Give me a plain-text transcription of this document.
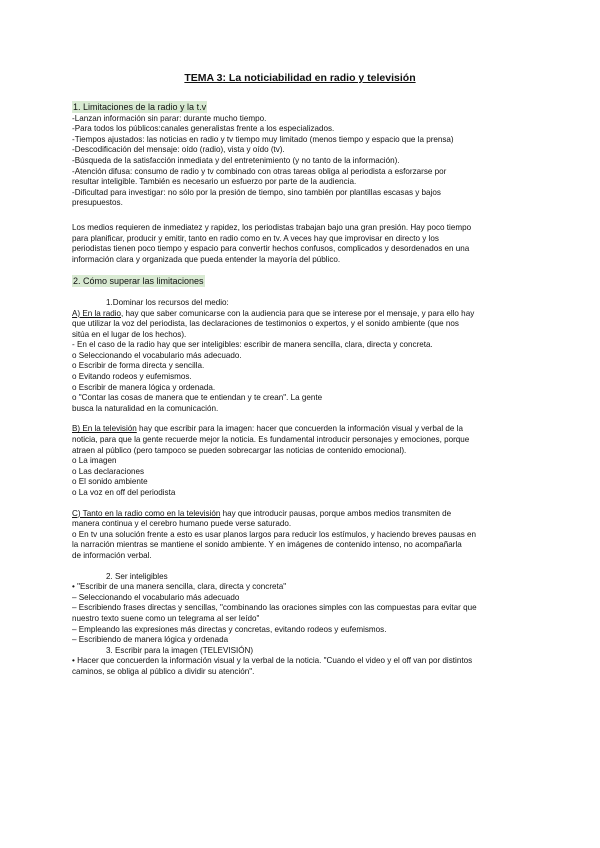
TEMA 3: La noticiabilidad en radio y televisión
1. Limitaciones de la radio y la t.v
-Lanzan información sin parar: durante mucho tiempo.
-Para todos los públicos:canales generalistas frente a los especializados.
-Tiempos ajustados: las noticias en radio y tv tiempo muy limitado (menos tiempo y espacio que la prensa)
-Descodificación del mensaje: oído (radio), vista y oído (tv).
-Búsqueda de la satisfacción inmediata y del entretenimiento (y no tanto de la información).
-Atención difusa: consumo de radio y tv combinado con otras tareas obliga al periodista a esforzarse por
resultar inteligible. También es necesario un esfuerzo por parte de la audiencia.
-Dificultad para investigar: no sólo por la presión de tiempo, sino también por plantillas escasas y bajos
presupuestos.
Los medios requieren de inmediatez y rapidez, los periodistas trabajan bajo una gran presión. Hay poco tiempo
para planificar, producir y emitir, tanto en radio como en tv. A veces hay que improvisar en directo y los
periodistas tienen poco tiempo y espacio para convertir hechos confusos, complicados y desordenados en una
información clara y organizada que pueda entender la mayoría del público.
2. Cómo superar las limitaciones
1.Dominar los recursos del medio:
A) En la radio, hay que saber comunicarse con la audiencia para que se interese por el mensaje, y para ello hay
que utilizar la voz del periodista, las declaraciones de testimonios o expertos, y el sonido ambiente (que nos
sitúa en el lugar de los hechos).
- En el caso de la radio hay que ser inteligibles: escribir de manera sencilla, clara, directa y concreta.
o Seleccionando el vocabulario más adecuado.
o Escribir de forma directa y sencilla.
o Evitando rodeos y eufemismos.
o Escribir de manera lógica y ordenada.
o "Contar las cosas de manera que te entiendan y te crean". La gente
busca la naturalidad en la comunicación.
B) En la televisión hay que escribir para la imagen: hacer que concuerden la información visual y verbal de la
noticia, para que la gente recuerde mejor la noticia. Es fundamental introducir personajes y emociones, porque
atraen al público (pero tampoco se pueden sobrecargar las noticias de contenido emocional).
o La imagen
o Las declaraciones
o El sonido ambiente
o La voz en off del periodista
C) Tanto en la radio como en la televisión hay que introducir pausas, porque ambos medios transmiten de
manera continua y el cerebro humano puede verse saturado.
o En tv una solución frente a esto es usar planos largos para reducir los estímulos, y haciendo breves pausas en
la narración mientras se mantiene el sonido ambiente. Y en imágenes de contenido intenso, no acompañarla
de información verbal.
2. Ser inteligibles
• "Escribir de una manera sencilla, clara, directa y concreta"
– Seleccionando el vocabulario más adecuado
– Escribiendo frases directas y sencillas, "combinando las oraciones simples con las compuestas para evitar que
nuestro texto suene como un telegrama al ser leído"
– Empleando las expresiones más directas y concretas, evitando rodeos y eufemismos.
– Escribiendo de manera lógica y ordenada
3. Escribir para la imagen (TELEVISIÓN)
• Hacer que concuerden la información visual y la verbal de la noticia. "Cuando el video y el off van por distintos
caminos, se obliga al público a dividir su atención".
